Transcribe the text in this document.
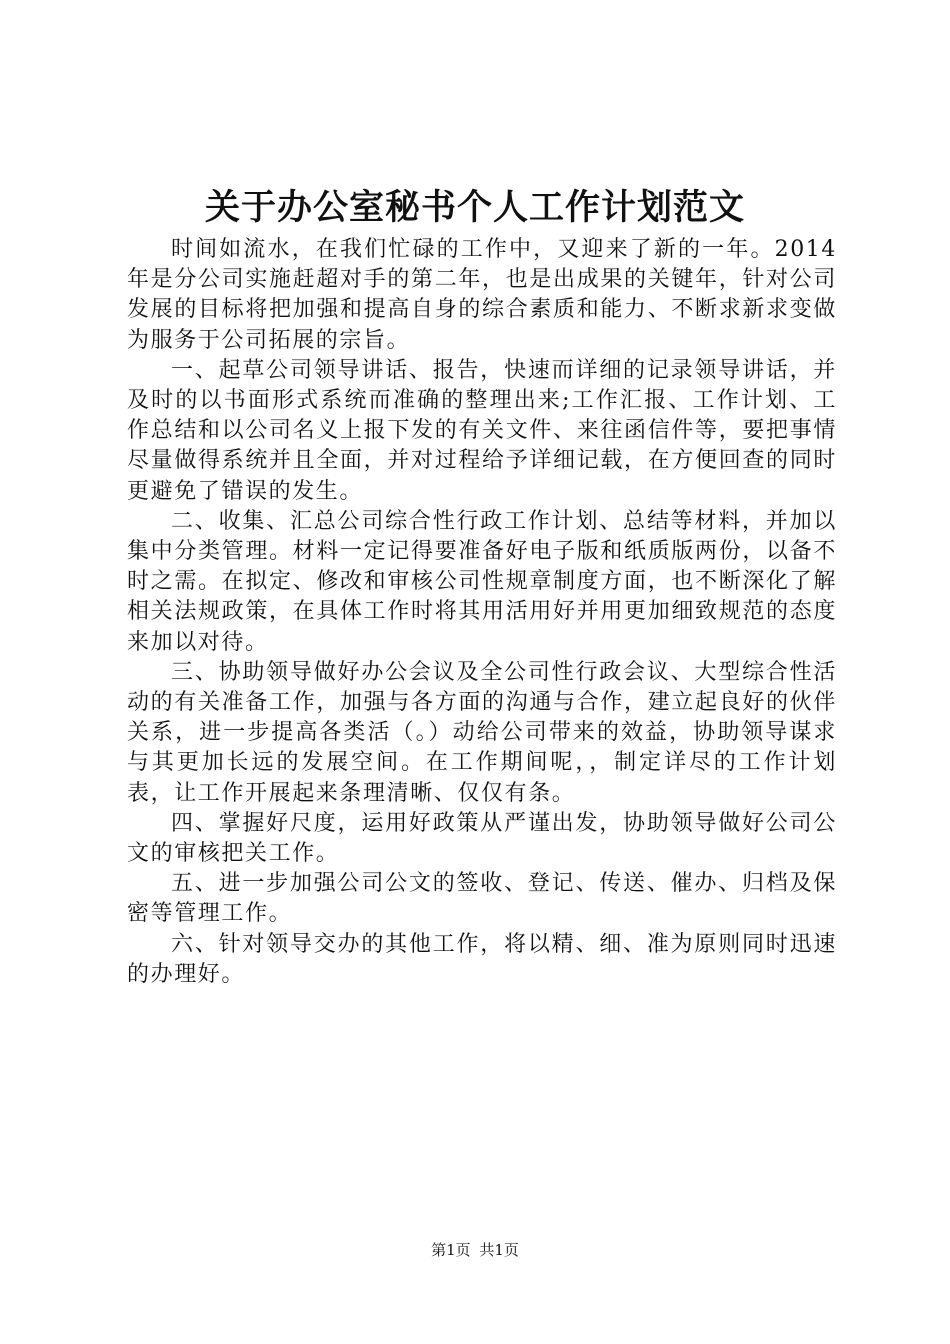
关于办公室秘书个人工作计划范文

时间如流水，在我们忙碌的工作中，又迎来了新的一年。2014年是分公司实施赶超对手的第二年，也是出成果的关键年，针对公司发展的目标将把加强和提高自身的综合素质和能力、不断求新求变做为服务于公司拓展的宗旨。

一、起草公司领导讲话、报告，快速而详细的记录领导讲话，并及时的以书面形式系统而准确的整理出来;工作汇报、工作计划、工作总结和以公司名义上报下发的有关文件、来往函信件等，要把事情尽量做得系统并且全面，并对过程给予详细记载，在方便回查的同时更避免了错误的发生。

二、收集、汇总公司综合性行政工作计划、总结等材料，并加以集中分类管理。材料一定记得要准备好电子版和纸质版两份，以备不时之需。在拟定、修改和审核公司性规章制度方面，也不断深化了解相关法规政策，在具体工作时将其用活用好并用更加细致规范的态度来加以对待。

三、协助领导做好办公会议及全公司性行政会议、大型综合性活动的有关准备工作，加强与各方面的沟通与合作，建立起良好的伙伴关系，进一步提高各类活（。）动给公司带来的效益，协助领导谋求与其更加长远的发展空间。在工作期间呢，，制定详尽的工作计划表，让工作开展起来条理清晰、仅仅有条。

四、掌握好尺度，运用好政策从严谨出发，协助领导做好公司公文的审核把关工作。

五、进一步加强公司公文的签收、登记、传送、催办、归档及保密等管理工作。

六、针对领导交办的其他工作，将以精、细、准为原则同时迅速的办理好。

第1页 共1页
